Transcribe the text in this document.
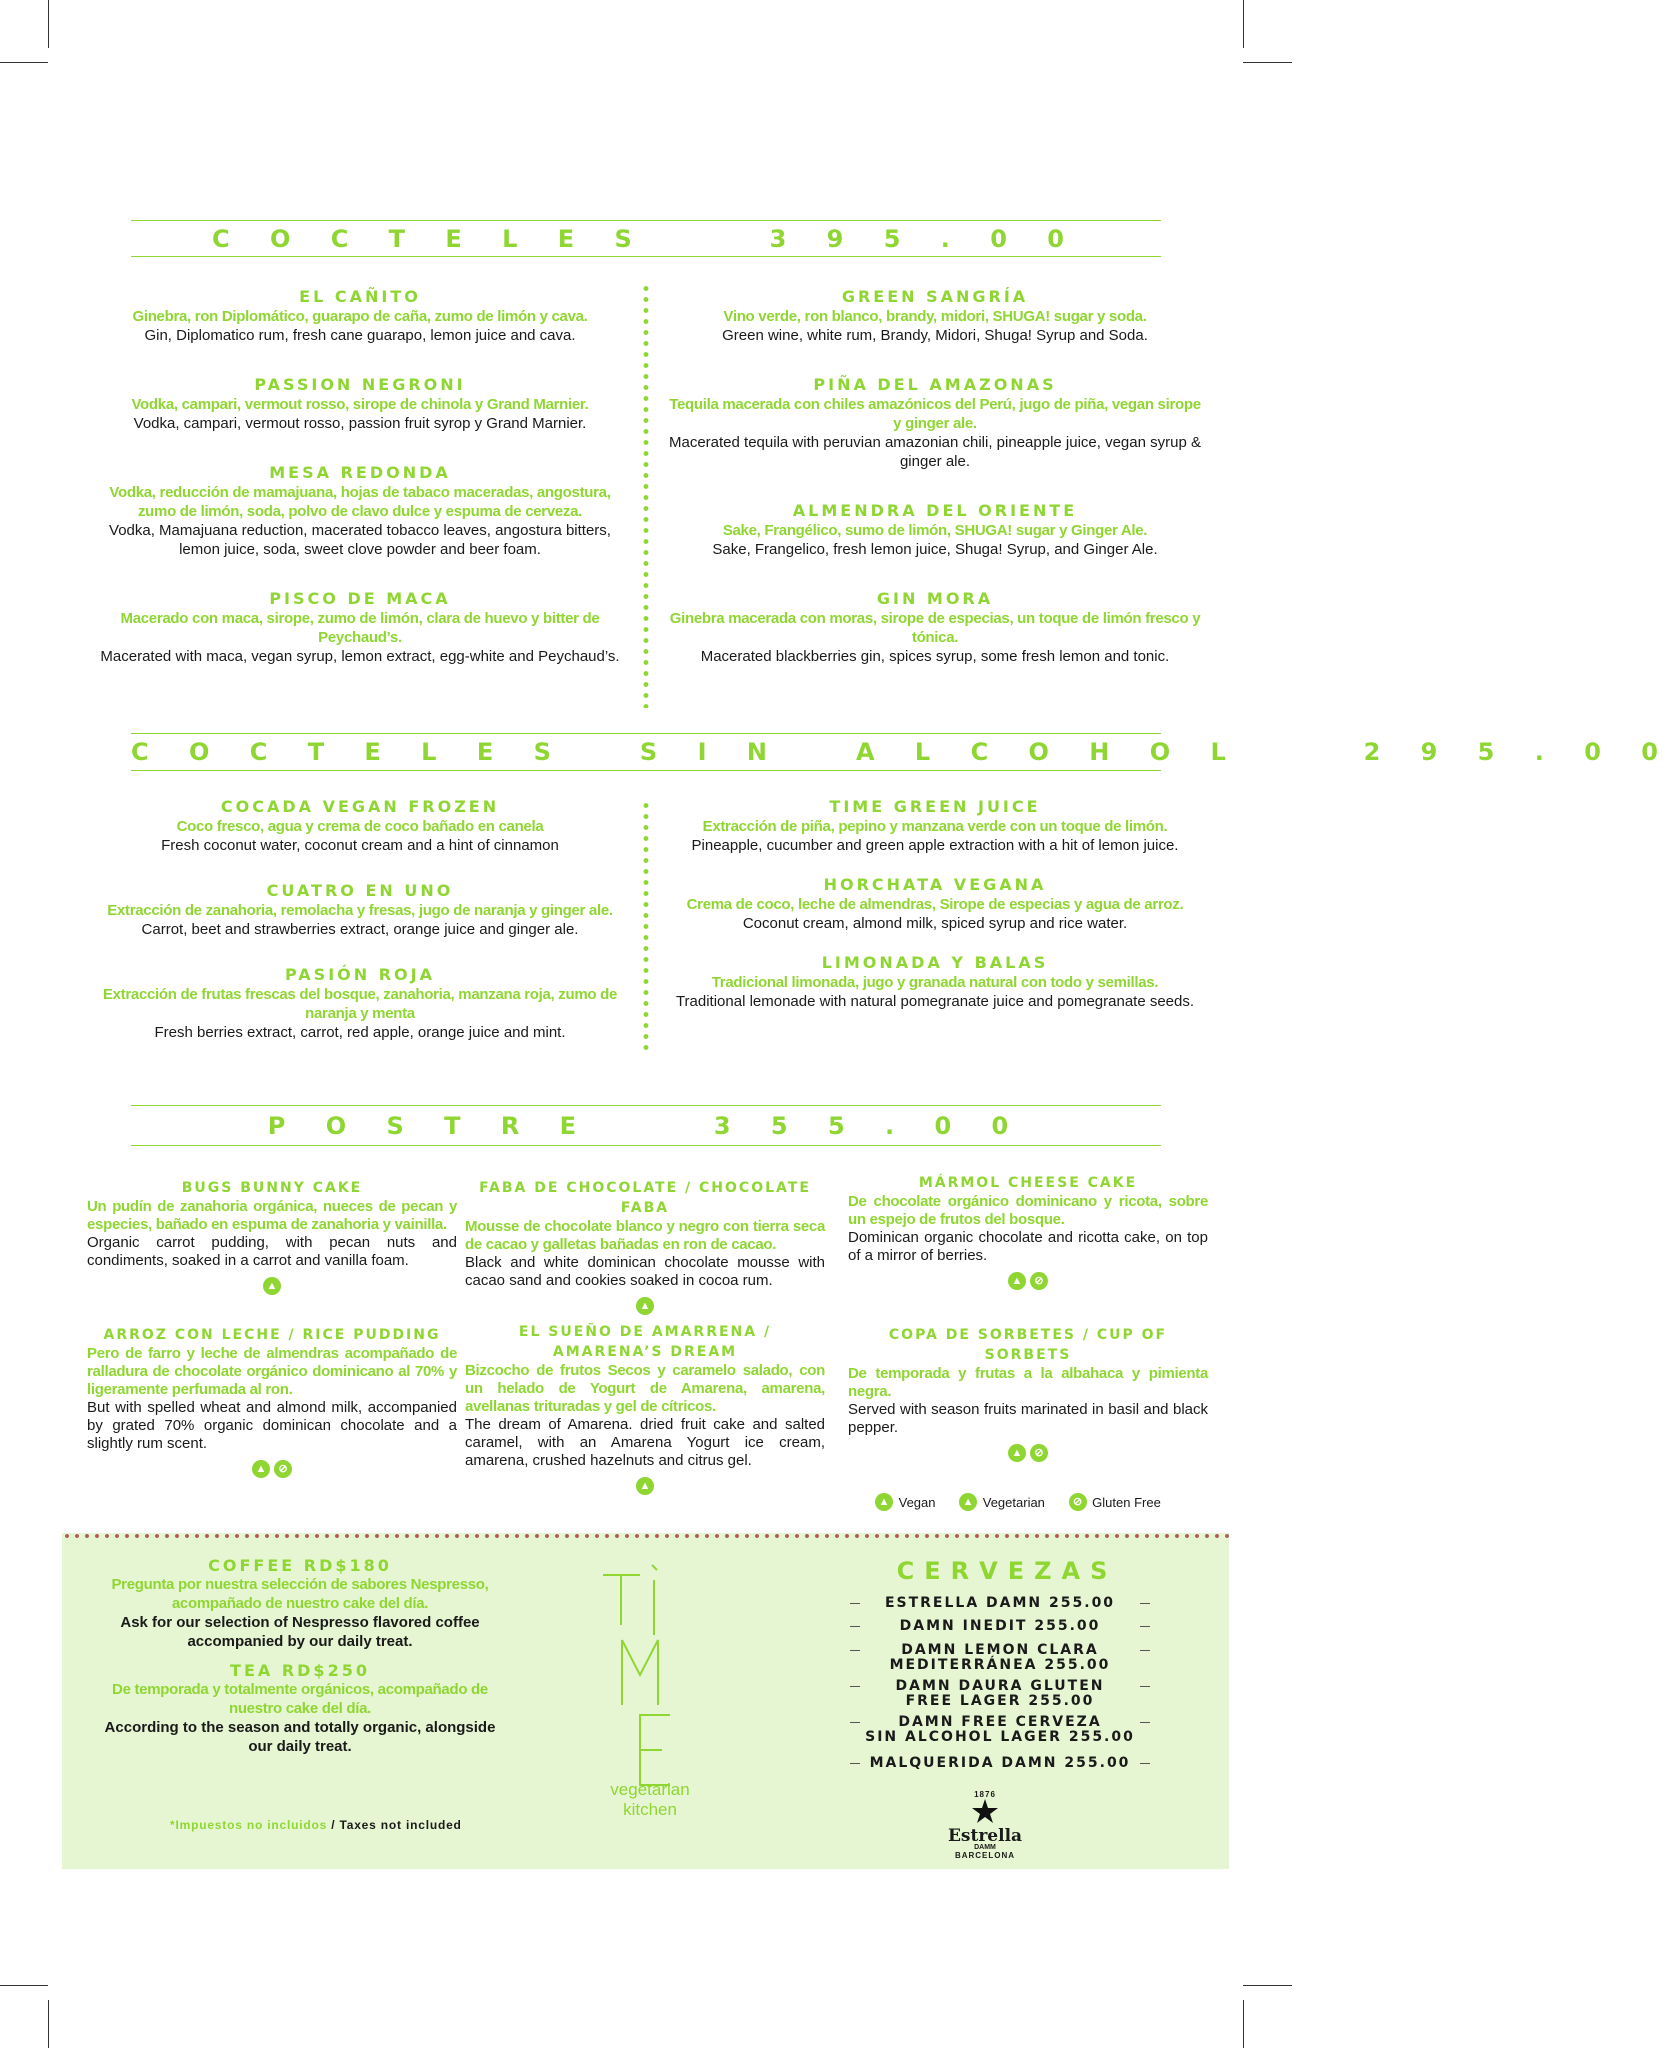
C O C T E L E S     3 9 5 . 0 0
EL CAÑITO
Ginebra, ron Diplomático, guarapo de caña, zumo de limón y cava.
Gin, Diplomatico rum, fresh cane guarapo, lemon juice and cava.
PASSION NEGRONI
Vodka, campari, vermout rosso, sirope de chinola y Grand Marnier.
Vodka, campari, vermout rosso, passion fruit syrop y Grand Marnier.
MESA REDONDA
Vodka, reducción de mamajuana, hojas de tabaco maceradas, angostura, zumo de limón, soda, polvo de clavo dulce y espuma de cerveza.
Vodka, Mamajuana reduction, macerated tobacco leaves, angostura bitters, lemon juice, soda, sweet clove powder and beer foam.
PISCO DE MACA
Macerado con maca, sirope, zumo de limón, clara de huevo y bitter de Peychaud’s.
Macerated with maca, vegan syrup, lemon extract, egg-white and Peychaud’s.
GREEN SANGRÍA
Vino verde, ron blanco, brandy, midori, SHUGA! sugar y soda.
Green wine, white rum, Brandy, Midori, Shuga! Syrup and Soda.
PIÑA DEL AMAZONAS
Tequila macerada con chiles amazónicos del Perú, jugo de piña, vegan sirope y ginger ale.
Macerated tequila with peruvian amazonian chili, pineapple juice, vegan syrup & ginger ale.
ALMENDRA DEL ORIENTE
Sake, Frangélico, sumo de limón, SHUGA! sugar y Ginger Ale.
Sake, Frangelico, fresh lemon juice, Shuga! Syrup, and Ginger Ale.
GIN MORA
Ginebra macerada con moras, sirope de especias, un toque de limón fresco y tónica.
Macerated blackberries gin, spices syrup, some fresh lemon and tonic.
C O C T E L E S   S I N   A L C O H O L     2 9 5 . 0 0
COCADA VEGAN FROZEN
Coco fresco, agua y crema de coco bañado en canela
Fresh coconut water, coconut cream and a hint of cinnamon
CUATRO EN UNO
Extracción de zanahoria, remolacha y fresas, jugo de naranja y ginger ale.
Carrot, beet and strawberries extract, orange juice and ginger ale.
PASIÓN ROJA
Extracción de frutas frescas del bosque, zanahoria, manzana roja, zumo de naranja y menta
Fresh berries extract, carrot, red apple, orange juice and mint.
TIME GREEN JUICE
Extracción de piña, pepino y manzana verde con un toque de limón.
Pineapple, cucumber and green apple extraction with a hit of lemon juice.
HORCHATA VEGANA
Crema de coco, leche de almendras, Sirope de especias y agua de arroz.
Coconut cream, almond milk, spiced syrup and rice water.
LIMONADA Y BALAS
Tradicional limonada, jugo y granada natural con todo y semillas.
Traditional lemonade with natural pomegranate juice and pomegranate seeds.
P O S T R E     3 5 5 . 0 0
BUGS BUNNY CAKE
Un pudín de zanahoria orgánica, nueces de pecan y especies, bañado en espuma de zanahoria y vainilla.
Organic carrot pudding, with pecan nuts and condiments, soaked in a carrot and vanilla foam.
▲
FABA DE CHOCOLATE / CHOCOLATE FABA
Mousse de chocolate blanco y negro con tierra seca de cacao y galletas bañadas en ron de cacao.
Black and white dominican chocolate mousse with cacao sand and cookies soaked in cocoa rum.
▲
MÁRMOL CHEESE CAKE
De chocolate orgánico dominicano y ricota, sobre un espejo de frutos del bosque.
Dominican organic chocolate and ricotta cake, on top of a mirror of berries.
▲ ⊘
ARROZ CON LECHE / RICE PUDDING
Pero de farro y leche de almendras acompañado de ralladura de chocolate orgánico dominicano al 70% y ligeramente perfumada al ron.
But with spelled wheat and almond milk, accompanied by grated 70% organic dominican chocolate and a slightly rum scent.
▲ ⊘
EL SUEÑO DE AMARRENA / AMARENA’S DREAM
Bizcocho de frutos Secos y caramelo salado, con un helado de Yogurt de Amarena, amarena, avellanas trituradas y gel de cítricos.
The dream of Amarena. dried fruit cake and salted caramel, with an Amarena Yogurt ice cream, amarena, crushed hazelnuts and citrus gel.
▲
COPA DE SORBETES / CUP OF SORBETS
De temporada y frutas a la albahaca y pimienta negra.
Served with season fruits marinated in basil and black pepper.
▲ ⊘
▲ Vegan ▲ Vegetarian	⊘ Gluten Free
COFFEE RD$180
Pregunta por nuestra selección de sabores Nespresso, acompañado de nuestro cake del día.
Ask for our selection of Nespresso flavored coffee accompanied by our daily treat.
TEA RD$250
De temporada y totalmente orgánicos, acompañado de nuestro cake del día.
According to the season and totally organic, alongside our daily treat.
*Impuestos no incluidos / Taxes not included
vegetarian
kitchen
CERVEZAS
ESTRELLA DAMN 255.00
DAMN INEDIT 255.00
DAMN LEMON CLARA
MEDITERRÁNEA 255.00
DAMN DAURA GLUTEN
FREE LAGER 255.00
DAMN FREE CERVEZA
SIN ALCOHOL LAGER 255.00
MALQUERIDA DAMN 255.00
1876
Estrella
DAMM
BARCELONA
